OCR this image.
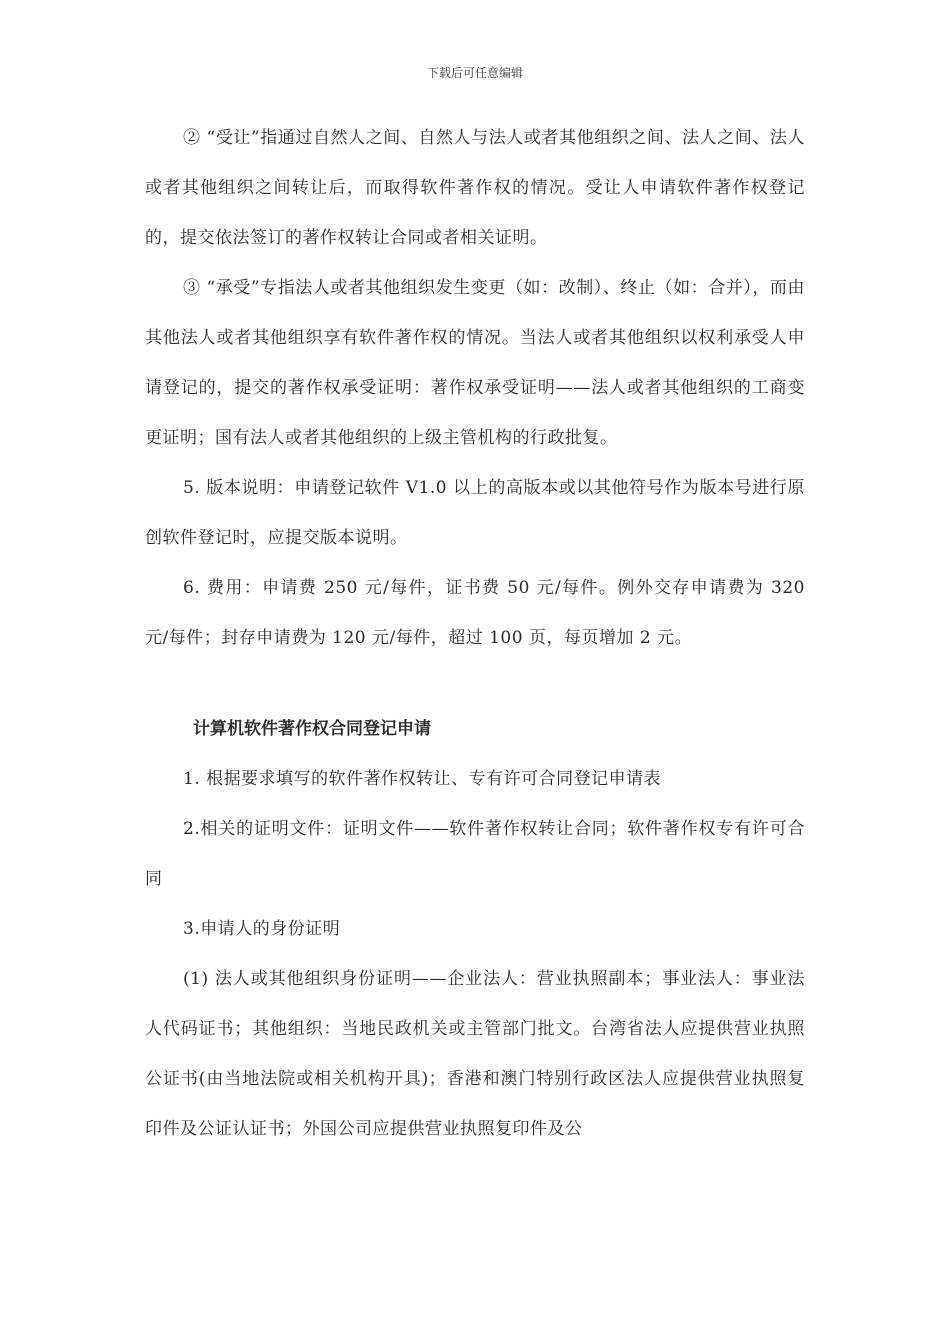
下载后可任意编辑

② “受让”指通过自然人之间、自然人与法人或者其他组织之间、法人之间、法人或者其他组织之间转让后，而取得软件著作权的情况。受让人申请软件著作权登记的，提交依法签订的著作权转让合同或者相关证明。

③ “承受”专指法人或者其他组织发生变更（如：改制）、终止（如：合并），而由其他法人或者其他组织享有软件著作权的情况。当法人或者其他组织以权利承受人申请登记的，提交的著作权承受证明：著作权承受证明——法人或者其他组织的工商变更证明；国有法人或者其他组织的上级主管机构的行政批复。

5. 版本说明：申请登记软件 V1.0 以上的高版本或以其他符号作为版本号进行原创软件登记时，应提交版本说明。

6. 费用：申请费 250 元/每件，证书费 50 元/每件。例外交存申请费为 320 元/每件；封存申请费为 120 元/每件，超过 100 页，每页增加 2 元。

计算机软件著作权合同登记申请

1. 根据要求填写的软件著作权转让、专有许可合同登记申请表

2.相关的证明文件：证明文件——软件著作权转让合同；软件著作权专有许可合同

3.申请人的身份证明

(1) 法人或其他组织身份证明——企业法人：营业执照副本；事业法人：事业法人代码证书；其他组织：当地民政机关或主管部门批文。台湾省法人应提供营业执照公证书(由当地法院或相关机构开具)；香港和澳门特别行政区法人应提供营业执照复印件及公证认证书；外国公司应提供营业执照复印件及公
